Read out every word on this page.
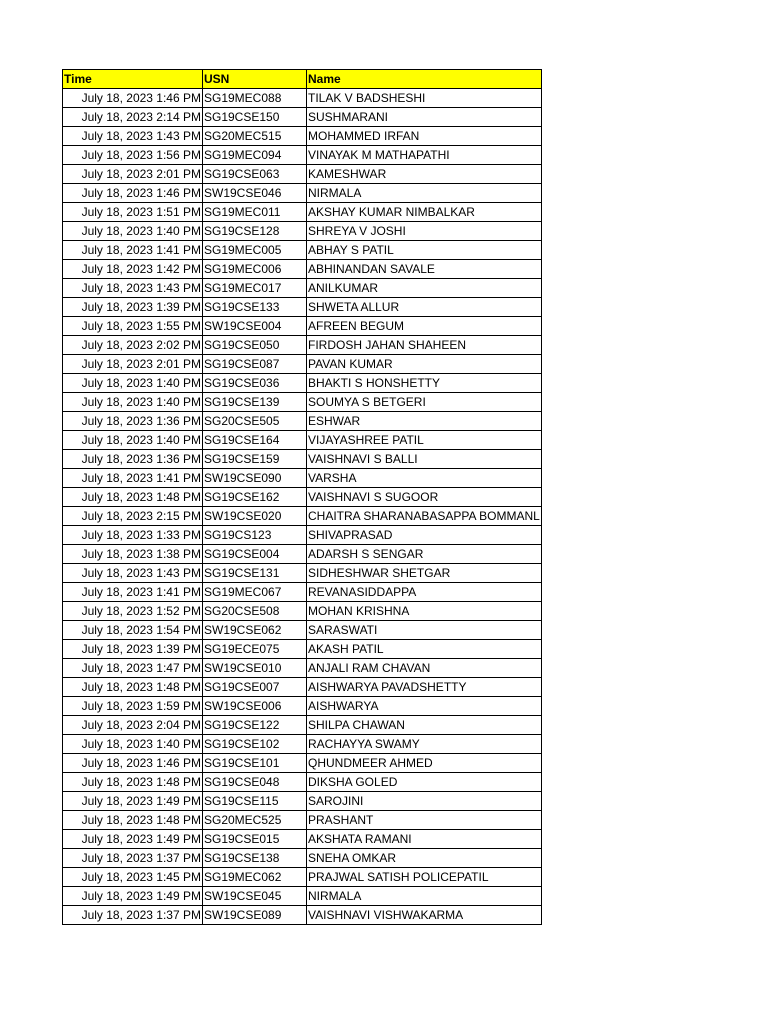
Time	USN	Name
July 18, 2023 1:46 PM	SG19MEC088	TILAK V BADSHESHI
July 18, 2023 2:14 PM	SG19CSE150	SUSHMARANI
July 18, 2023 1:43 PM	SG20MEC515	MOHAMMED IRFAN
July 18, 2023 1:56 PM	SG19MEC094	VINAYAK M MATHAPATHI
July 18, 2023 2:01 PM	SG19CSE063	KAMESHWAR
July 18, 2023 1:46 PM	SW19CSE046	NIRMALA
July 18, 2023 1:51 PM	SG19MEC011	AKSHAY KUMAR NIMBALKAR
July 18, 2023 1:40 PM	SG19CSE128	SHREYA V JOSHI
July 18, 2023 1:41 PM	SG19MEC005	ABHAY S PATIL
July 18, 2023 1:42 PM	SG19MEC006	ABHINANDAN SAVALE
July 18, 2023 1:43 PM	SG19MEC017	ANILKUMAR
July 18, 2023 1:39 PM	SG19CSE133	SHWETA ALLUR
July 18, 2023 1:55 PM	SW19CSE004	AFREEN BEGUM
July 18, 2023 2:02 PM	SG19CSE050	FIRDOSH JAHAN SHAHEEN
July 18, 2023 2:01 PM	SG19CSE087	PAVAN KUMAR
July 18, 2023 1:40 PM	SG19CSE036	BHAKTI S HONSHETTY
July 18, 2023 1:40 PM	SG19CSE139	SOUMYA S BETGERI
July 18, 2023 1:36 PM	SG20CSE505	ESHWAR
July 18, 2023 1:40 PM	SG19CSE164	VIJAYASHREE PATIL
July 18, 2023 1:36 PM	SG19CSE159	VAISHNAVI S BALLI
July 18, 2023 1:41 PM	SW19CSE090	VARSHA
July 18, 2023 1:48 PM	SG19CSE162	VAISHNAVI S SUGOOR
July 18, 2023 2:15 PM	SW19CSE020	CHAITRA SHARANABASAPPA BOMMANL
July 18, 2023 1:33 PM	SG19CS123	SHIVAPRASAD
July 18, 2023 1:38 PM	SG19CSE004	ADARSH S SENGAR
July 18, 2023 1:43 PM	SG19CSE131	SIDHESHWAR SHETGAR
July 18, 2023 1:41 PM	SG19MEC067	REVANASIDDAPPA
July 18, 2023 1:52 PM	SG20CSE508	MOHAN KRISHNA
July 18, 2023 1:54 PM	SW19CSE062	SARASWATI
July 18, 2023 1:39 PM	SG19ECE075	AKASH PATIL
July 18, 2023 1:47 PM	SW19CSE010	ANJALI RAM CHAVAN
July 18, 2023 1:48 PM	SG19CSE007	AISHWARYA PAVADSHETTY
July 18, 2023 1:59 PM	SW19CSE006	AISHWARYA
July 18, 2023 2:04 PM	SG19CSE122	SHILPA CHAWAN
July 18, 2023 1:40 PM	SG19CSE102	RACHAYYA SWAMY
July 18, 2023 1:46 PM	SG19CSE101	QHUNDMEER AHMED
July 18, 2023 1:48 PM	SG19CSE048	DIKSHA GOLED
July 18, 2023 1:49 PM	SG19CSE115	SAROJINI
July 18, 2023 1:48 PM	SG20MEC525	PRASHANT
July 18, 2023 1:49 PM	SG19CSE015	AKSHATA RAMANI
July 18, 2023 1:37 PM	SG19CSE138	SNEHA OMKAR
July 18, 2023 1:45 PM	SG19MEC062	PRAJWAL SATISH POLICEPATIL
July 18, 2023 1:49 PM	SW19CSE045	NIRMALA
July 18, 2023 1:37 PM	SW19CSE089	VAISHNAVI VISHWAKARMA
